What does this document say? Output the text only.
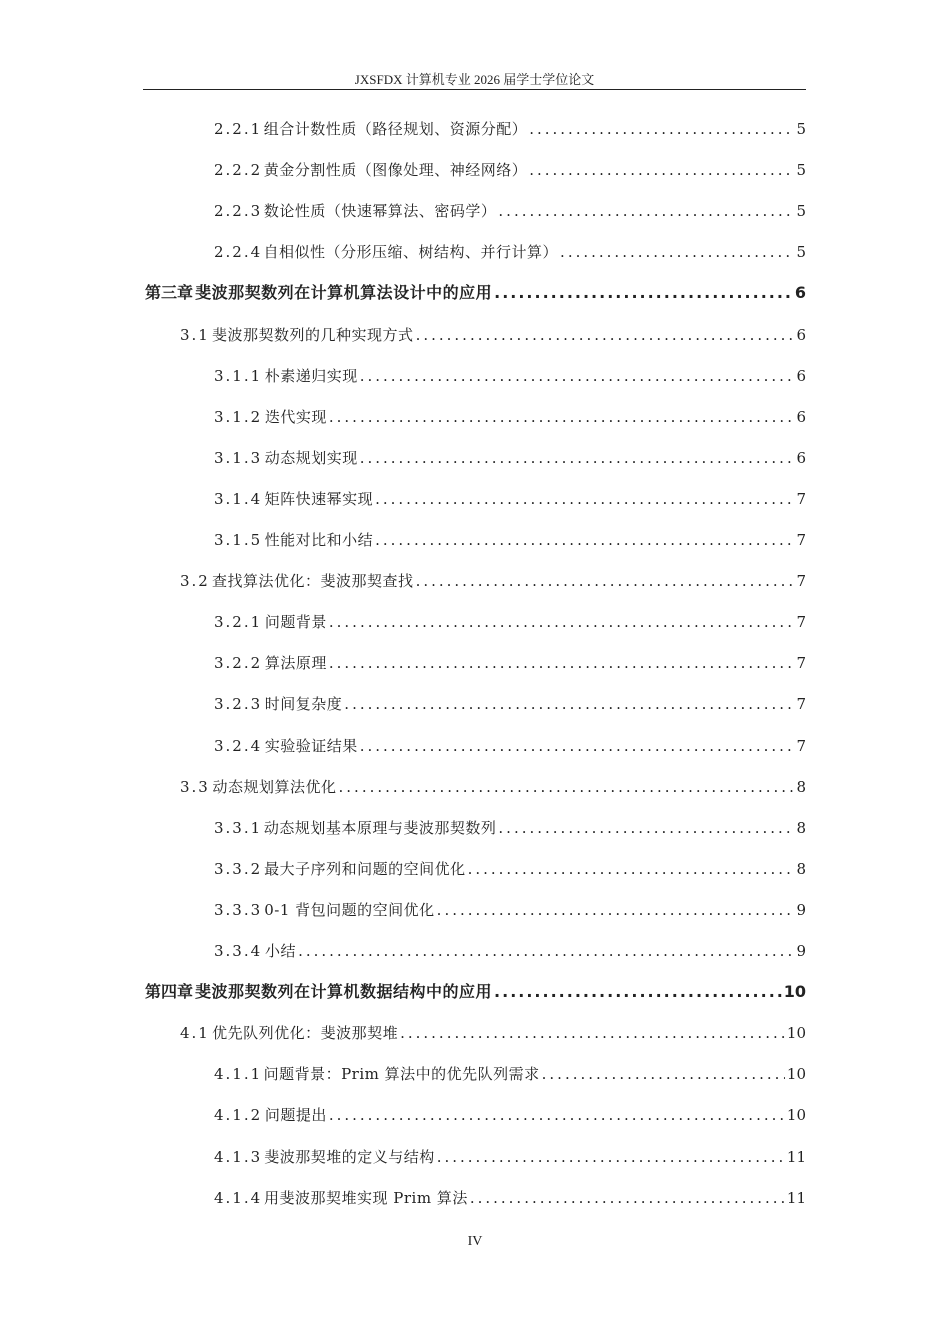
JXSFDX 计算机专业 2026 届学士学位论文
2.2.1 组合计数性质（路径规划、资源分配） .....	5
2.2.2 黄金分割性质（图像处理、神经网络） .....	5
2.2.3 数论性质（快速幂算法、密码学） .....	5
2.2.4 自相似性（分形压缩、树结构、并行计算） .....	5
第三章 斐波那契数列在计算机算法设计中的应用 .....	6
3.1 斐波那契数列的几种实现方式 .....	6
3.1.1 朴素递归实现 .....	6
3.1.2 迭代实现 .....	6
3.1.3 动态规划实现 .....	6
3.1.4 矩阵快速幂实现 .....	7
3.1.5 性能对比和小结 .....	7
3.2 查找算法优化：斐波那契查找 .....	7
3.2.1 问题背景 .....	7
3.2.2 算法原理 .....	7
3.2.3 时间复杂度 .....	7
3.2.4 实验验证结果 .....	7
3.3 动态规划算法优化 .....	8
3.3.1 动态规划基本原理与斐波那契数列 .....	8
3.3.2 最大子序列和问题的空间优化 .....	8
3.3.3 0-1 背包问题的空间优化 .....	9
3.3.4 小结 .....	9
第四章 斐波那契数列在计算机数据结构中的应用 .....	10
4.1 优先队列优化：斐波那契堆 .....	10
4.1.1 问题背景：Prim 算法中的优先队列需求 .....	10
4.1.2 问题提出 .....	10
4.1.3 斐波那契堆的定义与结构 .....	11
4.1.4 用斐波那契堆实现 Prim 算法 .....	11
IV
